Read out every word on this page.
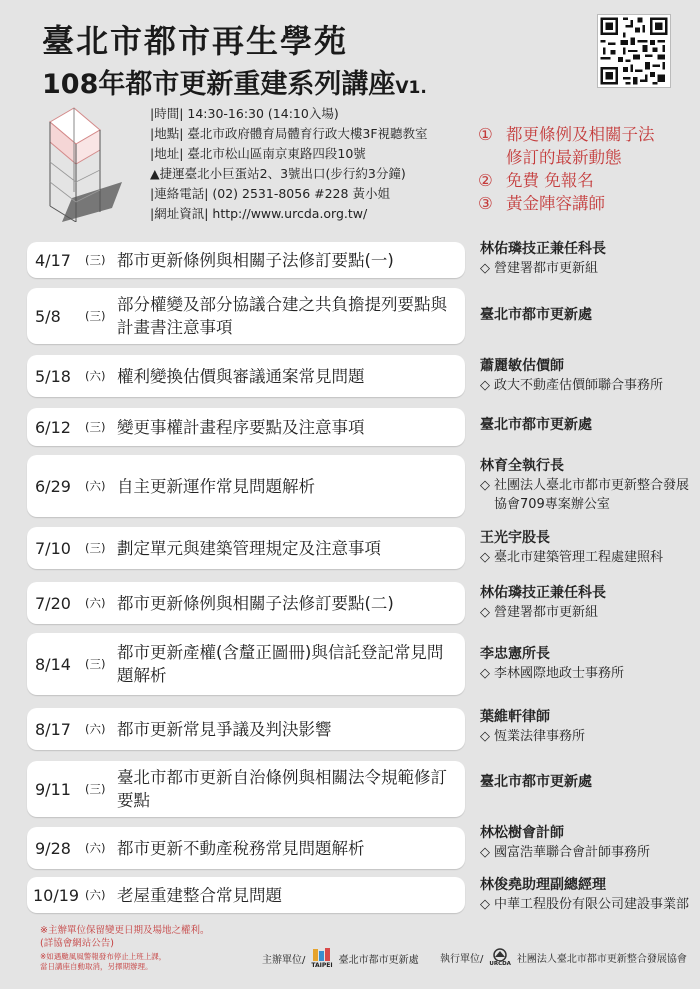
臺北市都市再生學苑
108年都市更新重建系列講座V1.
|時間| 14:30-16:30 (14:10入場)
|地點| 臺北市政府體育局體育行政大樓3F視聽教室
|地址| 臺北市松山區南京東路四段10號
▲捷運臺北小巨蛋站2、3號出口(步行約3分鐘)
|連絡電話| (02) 2531-8056 #228 黃小姐
|網址資訊| http://www.urcda.org.tw/
① 都更條例及相關子法
修訂的最新動態
② 免費 免報名
③ 黃金陣容講師
4/17 (三) 都市更新條例與相關子法修訂要點(一)
林佑璘技正兼任科長
◇ 營建署都市更新組
5/8 (三)
部分權變及部分協議合建之共負擔提列要點與計畫書注意事項
臺北市都市更新處
5/18 (六) 權利變換估價與審議通案常見問題
蕭麗敏估價師
◇ 政大不動產估價師聯合事務所
6/12 (三) 變更事權計畫程序要點及注意事項	臺北市都市更新處
6/29 (六) 自主更新運作常見問題解析
林育全執行長
◇ 社團法人臺北市都市更新整合發展協會709專案辦公室
7/10 (三) 劃定單元與建築管理規定及注意事項
王光宇股長
◇ 臺北市建築管理工程處建照科
7/20 (六) 都市更新條例與相關子法修訂要點(二)
林佑璘技正兼任科長
◇ 營建署都市更新組
8/14 (三)
都市更新產權(含釐正圖冊)與信託登記常見問題解析
李忠憲所長
◇ 李林國際地政士事務所
8/17 (六) 都市更新常見爭議及判決影響
葉維軒律師
◇ 恆業法律事務所
9/11 (三)
臺北市都市更新自治條例與相關法令規範修訂要點
臺北市都市更新處
9/28 (六) 都市更新不動產稅務常見問題解析
林松樹會計師
◇ 國富浩華聯合會計師事務所
10/19 (六) 老屋重建整合常見問題
林俊堯助理副總經理
◇ 中華工程股份有限公司建設事業部
※主辦單位保留變更日期及場地之權利。
(詳協會網站公告)
※如遇颱風風警報發布停止上班上課，
當日講座自動取消，另擇期辦理。
主辦單位/ TAIPEI 臺北市都市更新處 執行單位/ URCDA 社團法人臺北市都市更新整合發展協會
